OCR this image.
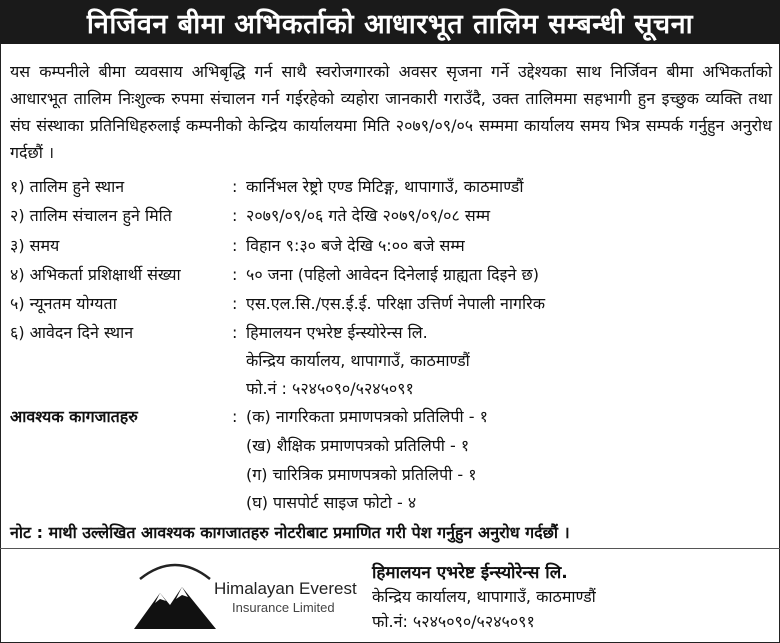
निर्जिवन बीमा अभिकर्ताको आधारभूत तालिम सम्बन्धी सूचना
यस कम्पनीले बीमा व्यवसाय अभिबृद्धि गर्न साथै स्वरोजगारको अवसर सृजना गर्ने उद्देश्यका साथ निर्जिवन बीमा अभिकर्ताको आधारभूत तालिम निःशुल्क रुपमा संचालन गर्न गईरहेको व्यहोरा जानकारी गराउँदै, उक्त तालिममा सहभागी हुन इच्छुक व्यक्ति तथा संघ संस्थाका प्रतिनिधिहरुलाई कम्पनीको केन्द्रिय कार्यालयमा मिति २०७९/०९/०५ सम्ममा कार्यालय समय भित्र सम्पर्क गर्नुहुन अनुरोध गर्दछौं ।
१) तालिम हुने स्थान	: कार्निभल रेष्ट्रो एण्ड मिटिङ्ग, थापागाउँ, काठमाण्डौं
२) तालिम संचालन हुने मिति	: २०७९/०९/०६ गते देखि २०७९/०९/०८ सम्म
३) समय	: विहान ९:३० बजे देखि ५:०० बजे सम्म
४) अभिकर्ता प्रशिक्षार्थी संख्या	: ५० जना (पहिलो आवेदन दिनेलाई ग्राह्यता दिइने छ)
५) न्यूनतम योग्यता	: एस.एल.सि./एस.ई.ई. परिक्षा उत्तिर्ण नेपाली नागरिक
६) आवेदन दिने स्थान	: हिमालयन एभरेष्ट ईन्स्योरेन्स लि.
केन्द्रिय कार्यालय, थापागाउँ, काठमाण्डौं
फो.नं : ५२४५०९०/५२४५०९१
आवश्यक कागजातहरु	: (क) नागरिकता प्रमाणपत्रको प्रतिलिपी - १
(ख) शैक्षिक प्रमाणपत्रको प्रतिलिपी - १
(ग) चारित्रिक प्रमाणपत्रको प्रतिलिपी - १
(घ) पासपोर्ट साइज फोटो - ४
नोट : माथी उल्लेखित आवश्यक कागजातहरु नोटरीबाट प्रमाणित गरी पेश गर्नुहुन अनुरोध गर्दछौं ।
Himalayan Everest
Insurance Limited
हिमालयन एभरेष्ट ईन्स्योरेन्स लि.
केन्द्रिय कार्यालय, थापागाउँ, काठमाण्डौं
फो.नं: ५२४५०९०/५२४५०९१
